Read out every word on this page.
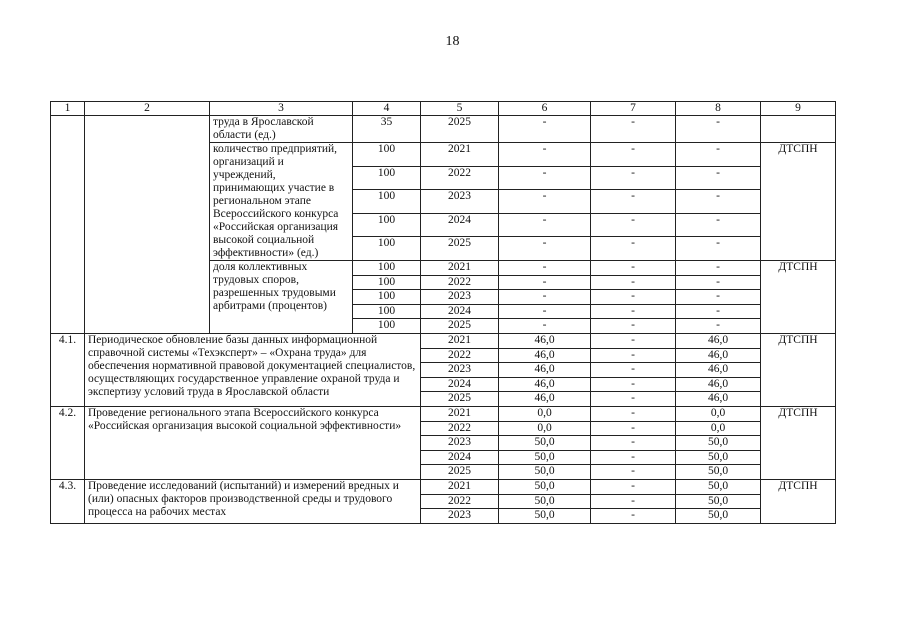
18
1	2	3	4	5	6	7	8	9
		труда в Ярославской области (ед.)	35	2025	-	-	-	
		количество предприятий, организаций и учреждений, принимающих участие в региональном этапе Всероссийского конкурса «Российская организация высокой социальной эффективности» (ед.)	100	2021	-	-	-	ДТСПН
			100	2022	-	-	-	
			100	2023	-	-	-	
			100	2024	-	-	-	
			100	2025	-	-	-	
		доля коллективных трудовых споров, разрешенных трудовыми арбитрами (процентов)	100	2021	-	-	-	ДТСПН
			100	2022	-	-	-	
			100	2023	-	-	-	
			100	2024	-	-	-	
			100	2025	-	-	-	
4.1.	Периодическое обновление базы данных информационной справочной системы «Техэксперт» – «Охрана труда» для обеспечения нормативной правовой документацией специалистов, осуществляющих государственное управление охраной труда и экспертизу условий труда в Ярославской области			2021	46,0	-	46,0	ДТСПН
				2022	46,0	-	46,0	
				2023	46,0	-	46,0	
				2024	46,0	-	46,0	
				2025	46,0	-	46,0	
4.2.	Проведение регионального этапа Всероссийского конкурса «Российская организация высокой социальной эффективности»			2021	0,0	-	0,0	ДТСПН
				2022	0,0	-	0,0	
				2023	50,0	-	50,0	
				2024	50,0	-	50,0	
				2025	50,0	-	50,0	
4.3.	Проведение исследований (испытаний) и измерений вредных и (или) опасных факторов производственной среды и трудового процесса на рабочих местах			2021	50,0	-	50,0	ДТСПН
				2022	50,0	-	50,0	
				2023	50,0	-	50,0	
